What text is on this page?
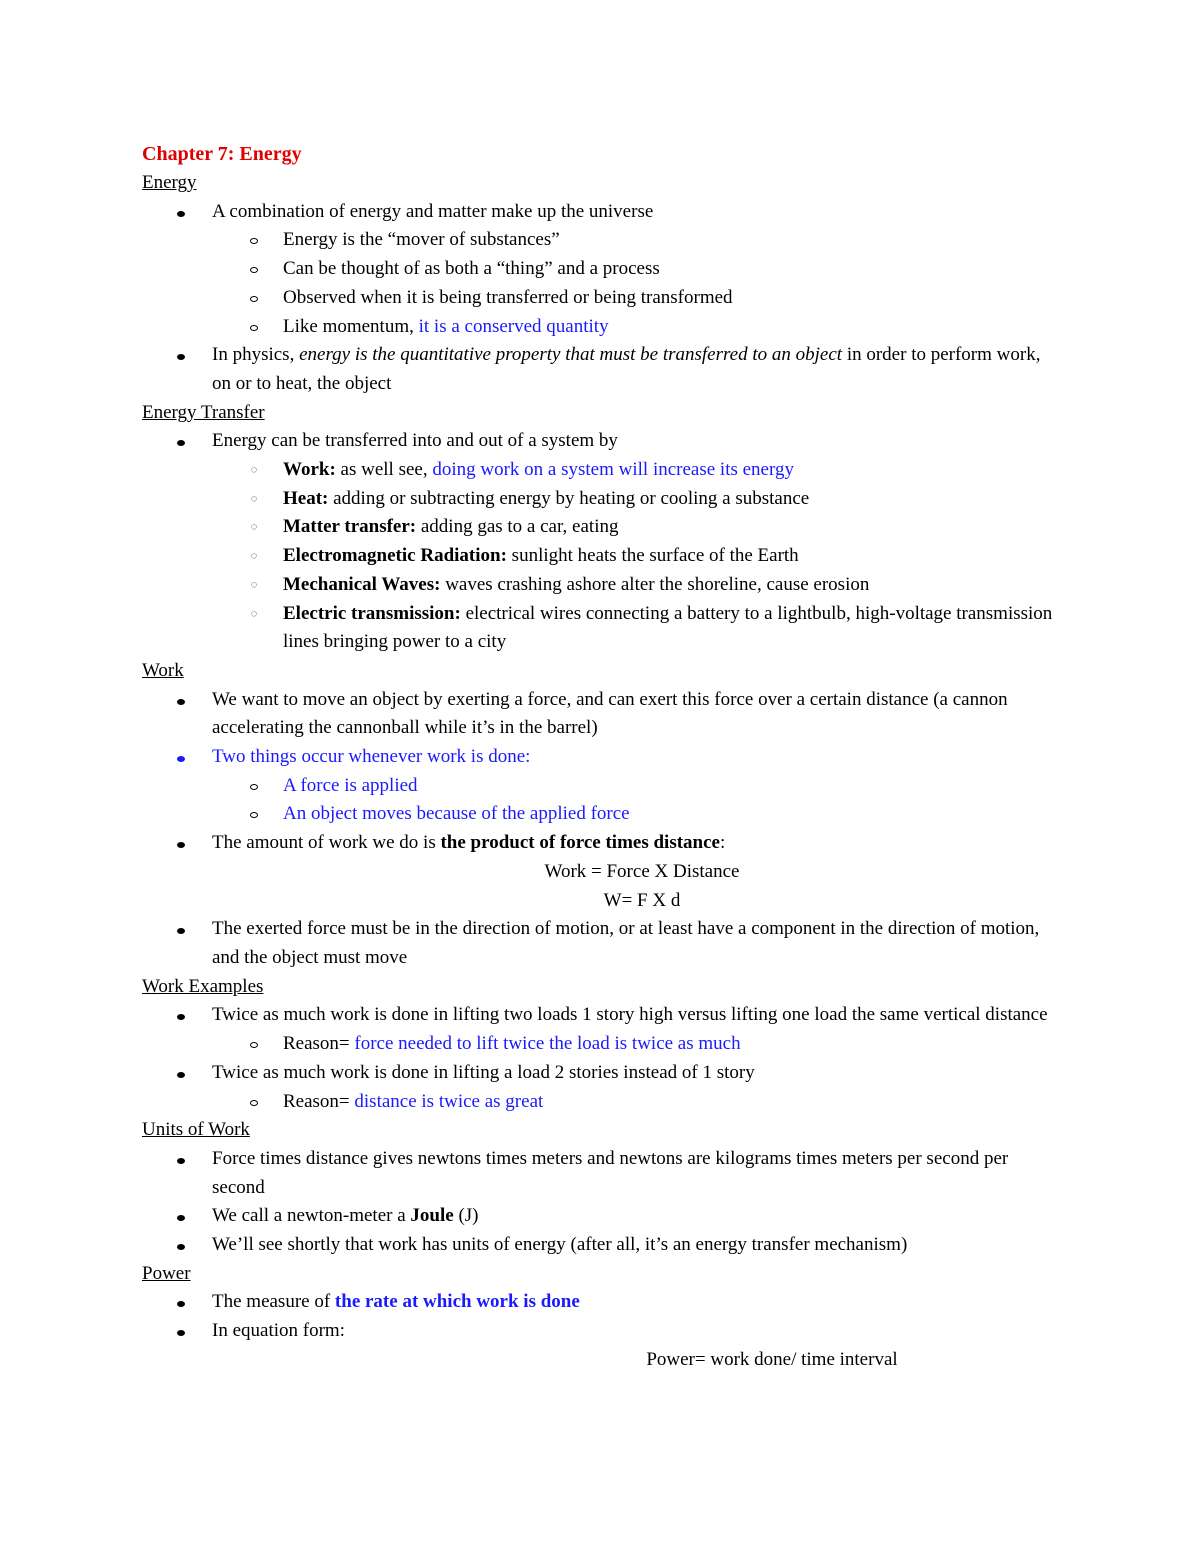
Chapter 7: Energy
Energy
A combination of energy and matter make up the universe
Energy is the “mover of substances”
Can be thought of as both a “thing” and a process
Observed when it is being transferred or being transformed
Like momentum, it is a conserved quantity
In physics, energy is the quantitative property that must be transferred to an object in order to perform work, on or to heat, the object
Energy Transfer
Energy can be transferred into and out of a system by
◌ Work: as well see, doing work on a system will increase its energy
◌ Heat: adding or subtracting energy by heating or cooling a substance
◌ Matter transfer: adding gas to a car, eating
◌ Electromagnetic Radiation: sunlight heats the surface of the Earth
◌ Mechanical Waves: waves crashing ashore alter the shoreline, cause erosion
◌ Electric transmission: electrical wires connecting a battery to a lightbulb, high-voltage transmission lines bringing power to a city
Work
We want to move an object by exerting a force, and can exert this force over a certain distance (a cannon accelerating the cannonball while it’s in the barrel)
Two things occur whenever work is done:
A force is applied
An object moves because of the applied force
The amount of work we do is the product of force times distance:
Work = Force X Distance
W= F X d
The exerted force must be in the direction of motion, or at least have a component in the direction of motion, and the object must move
Work Examples
Twice as much work is done in lifting two loads 1 story high versus lifting one load the same vertical distance
Reason= force needed to lift twice the load is twice as much
Twice as much work is done in lifting a load 2 stories instead of 1 story
Reason= distance is twice as great
Units of Work
Force times distance gives newtons times meters and newtons are kilograms times meters per second per second
We call a newton-meter a Joule (J)
We’ll see shortly that work has units of energy (after all, it’s an energy transfer mechanism)
Power
The measure of the rate at which work is done
In equation form:
Power= work done/ time interval
